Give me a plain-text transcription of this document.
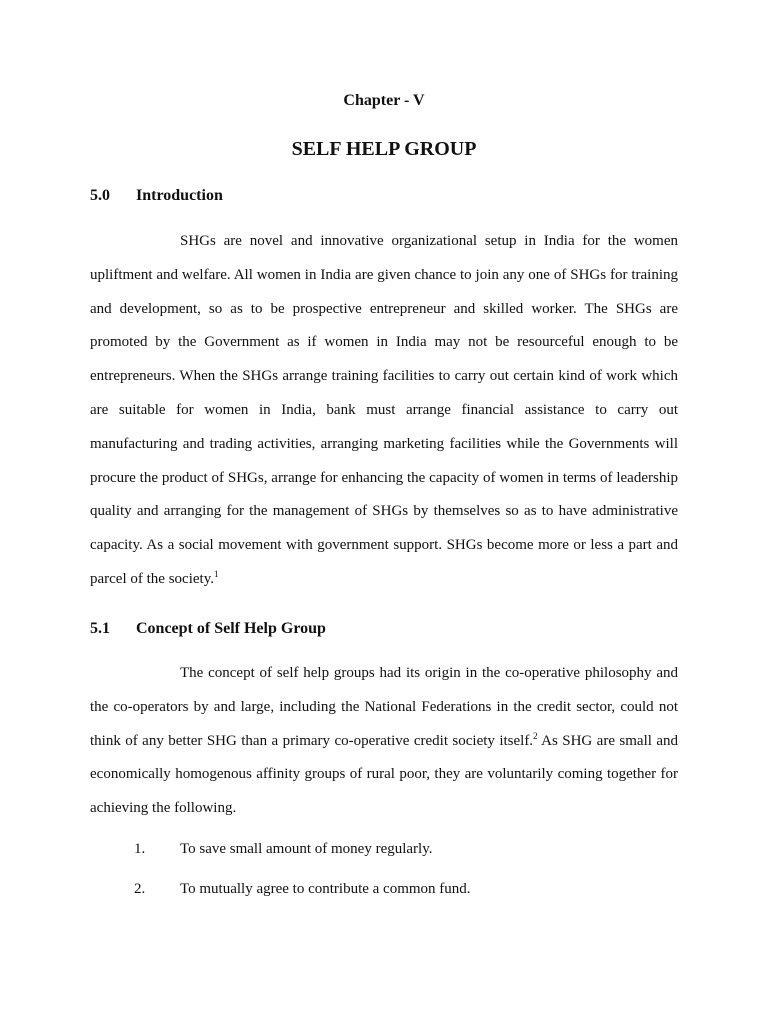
Chapter - V
SELF HELP GROUP
5.0 Introduction

SHGs are novel and innovative organizational setup in India for the women upliftment and welfare. All women in India are given chance to join any one of SHGs for training and development, so as to be prospective entrepreneur and skilled worker. The SHGs are promoted by the Government as if women in India may not be resourceful enough to be entrepreneurs. When the SHGs arrange training facilities to carry out certain kind of work which are suitable for women in India, bank must arrange financial assistance to carry out manufacturing and trading activities, arranging marketing facilities while the Governments will procure the product of SHGs, arrange for enhancing the capacity of women in terms of leadership quality and arranging for the management of SHGs by themselves so as to have administrative capacity. As a social movement with government support. SHGs become more or less a part and parcel of the society.$^1$

5.1 Concept of Self Help Group

The concept of self help groups had its origin in the co-operative philosophy and the co-operators by and large, including the National Federations in the credit sector, could not think of any better SHG than a primary co-operative credit society itself.$^2$ As SHG are small and economically homogenous affinity groups of rural poor, they are voluntarily coming together for achieving the following.

1. To save small amount of money regularly.
2. To mutually agree to contribute a common fund.
